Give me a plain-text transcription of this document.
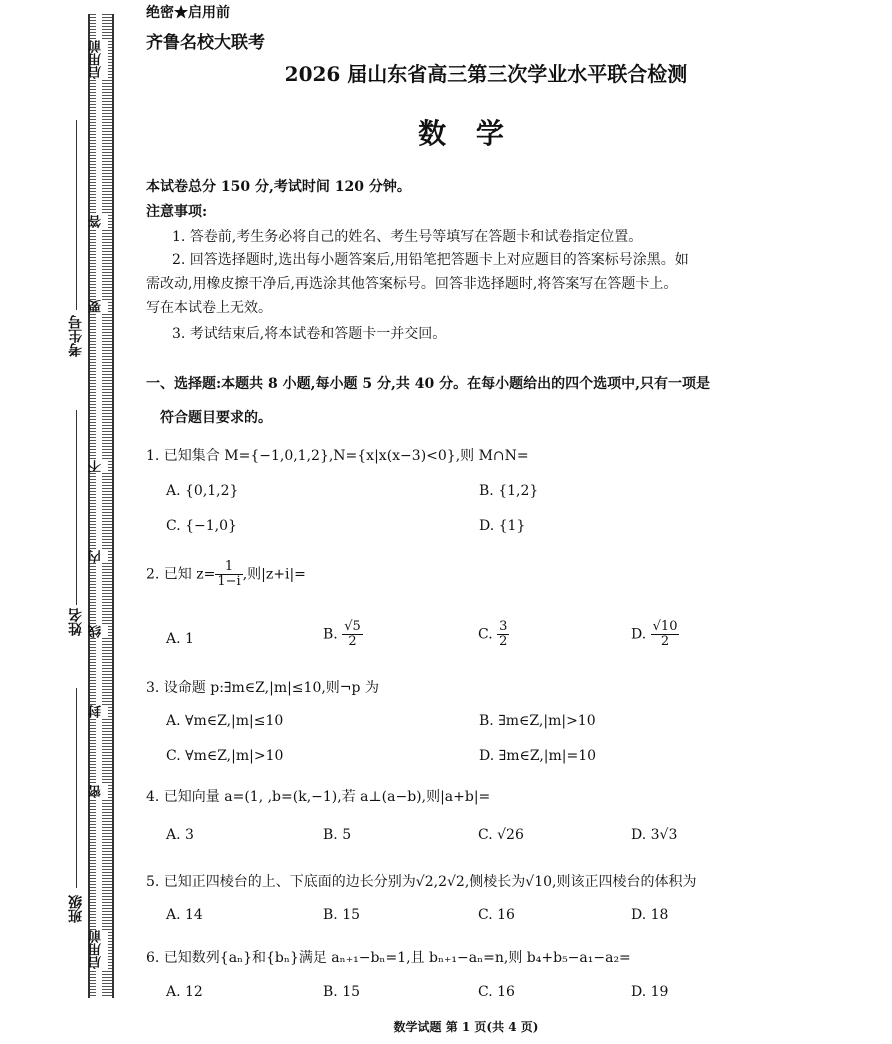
启用前
答
要
不
内
线
封
密
启用前
考生号
姓名
班级
绝密★启用前
齐鲁名校大联考
2026 届山东省高三第三次学业水平联合检测
数 学
本试卷总分 150 分,考试时间 120 分钟。
注意事项:
1. 答卷前,考生务必将自己的姓名、考生号等填写在答题卡和试卷指定位置。
2. 回答选择题时,选出每小题答案后,用铅笔把答题卡上对应题目的答案标号涂黑。如
需改动,用橡皮擦干净后,再选涂其他答案标号。回答非选择题时,将答案写在答题卡上。
写在本试卷上无效。
3. 考试结束后,将本试卷和答题卡一并交回。
一、选择题:本题共 8 小题,每小题 5 分,共 40 分。在每小题给出的四个选项中,只有一项是
符合题目要求的。
1. 已知集合 M={−1,0,1,2},N={x|x(x−3)<0},则 M∩N=
A. {0,1,2}	B. {1,2}
C. {−1,0}	D. {1}
2. 已知 $z= \frac{1}{1-i}$ ,则|z+i|=
A. 1	B. $\frac{√5}{2}$	C. $\frac{3}{2}$	D. $\frac{√10}{2}$
3. 设命题 p:∃m∈Z,|m|≤10,则¬p 为
A. ∀m∈Z,|m|≤10	B. ∃m∈Z,|m|>10
C. ∀m∈Z,|m|>10	D. ∃m∈Z,|m|=10
4. 已知向量 a=(1, ,b=(k,−1),若 a⊥(a−b),则|a+b|=
A. 3	B. 5	C. √26	D. 3√3
5. 已知正四棱台的上、下底面的边长分别为√2,2√2,侧棱长为√10,则该正四棱台的体积为
A. 14	B. 15	C. 16	D. 18
6. 已知数列{aₙ}和{bₙ}满足 aₙ₊₁−bₙ=1,且 bₙ₊₁−aₙ=n,则 b₄+b₅−a₁−a₂=
A. 12	B. 15	C. 16	D. 19
数学试题 第 1 页(共 4 页)
